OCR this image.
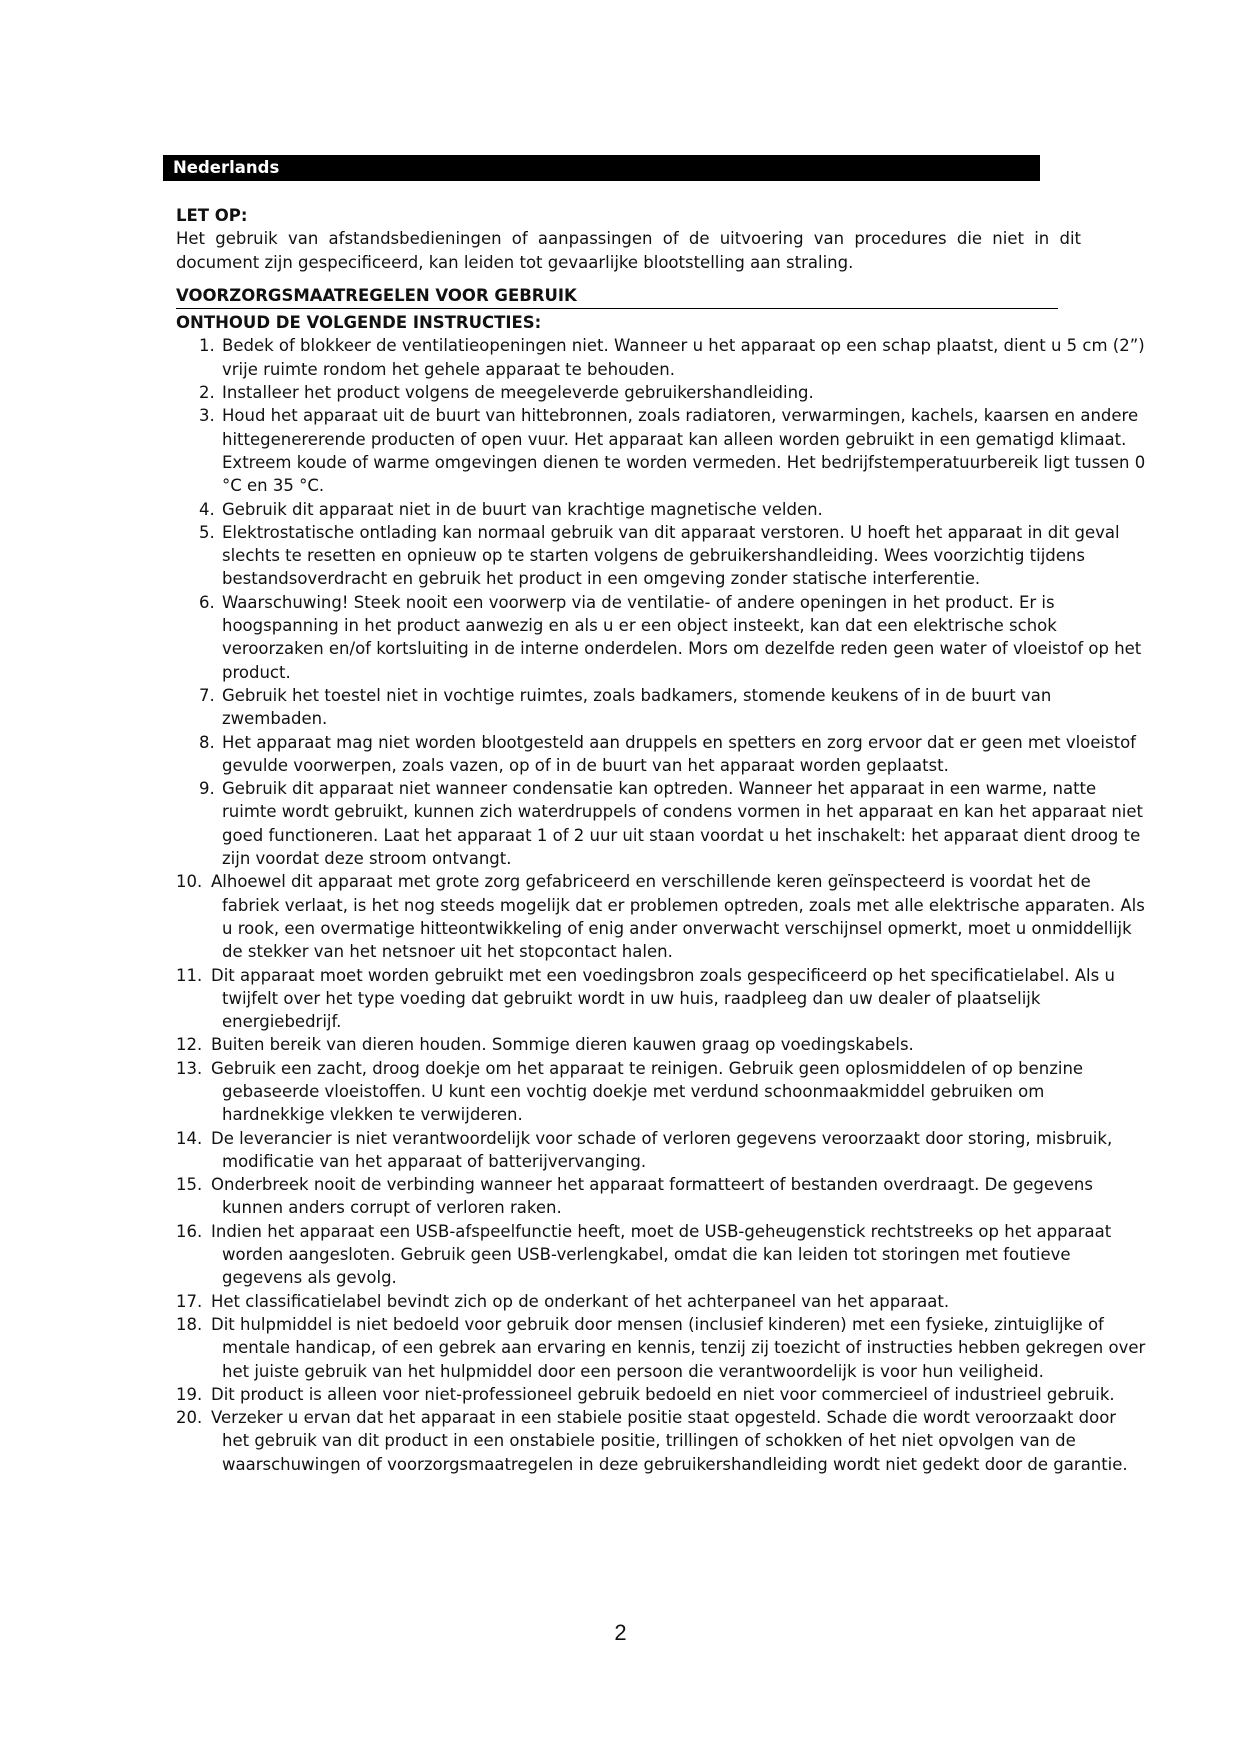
Nederlands
LET OP:

Het gebruik van afstandsbedieningen of aanpassingen of de uitvoering van procedures die niet in dit document zijn gespecificeerd, kan leiden tot gevaarlijke blootstelling aan straling.

VOORZORGSMAATREGELEN VOOR GEBRUIK
ONTHOUD DE VOLGENDE INSTRUCTIES:
1. Bedek of blokkeer de ventilatieopeningen niet. Wanneer u het apparaat op een schap plaatst, dient u 5 cm (2”) vrije ruimte rondom het gehele apparaat te behouden.
2. Installeer het product volgens de meegeleverde gebruikershandleiding.
3. Houd het apparaat uit de buurt van hittebronnen, zoals radiatoren, verwarmingen, kachels, kaarsen en andere hittegenererende producten of open vuur. Het apparaat kan alleen worden gebruikt in een gematigd klimaat. Extreem koude of warme omgevingen dienen te worden vermeden. Het bedrijfstemperatuurbereik ligt tussen 0 °C en 35 °C.
4. Gebruik dit apparaat niet in de buurt van krachtige magnetische velden.
5. Elektrostatische ontlading kan normaal gebruik van dit apparaat verstoren. U hoeft het apparaat in dit geval slechts te resetten en opnieuw op te starten volgens de gebruikershandleiding. Wees voorzichtig tijdens bestandsoverdracht en gebruik het product in een omgeving zonder statische interferentie.
6. Waarschuwing! Steek nooit een voorwerp via de ventilatie- of andere openingen in het product. Er is hoogspanning in het product aanwezig en als u er een object insteekt, kan dat een elektrische schok veroorzaken en/of kortsluiting in de interne onderdelen. Mors om dezelfde reden geen water of vloeistof op het product.
7. Gebruik het toestel niet in vochtige ruimtes, zoals badkamers, stomende keukens of in de buurt van zwembaden.
8. Het apparaat mag niet worden blootgesteld aan druppels en spetters en zorg ervoor dat er geen met vloeistof gevulde voorwerpen, zoals vazen, op of in de buurt van het apparaat worden geplaatst.
9. Gebruik dit apparaat niet wanneer condensatie kan optreden. Wanneer het apparaat in een warme, natte ruimte wordt gebruikt, kunnen zich waterdruppels of condens vormen in het apparaat en kan het apparaat niet goed functioneren. Laat het apparaat 1 of 2 uur uit staan voordat u het inschakelt: het apparaat dient droog te zijn voordat deze stroom ontvangt.
10. Alhoewel dit apparaat met grote zorg gefabriceerd en verschillende keren geïnspecteerd is voordat het de fabriek verlaat, is het nog steeds mogelijk dat er problemen optreden, zoals met alle elektrische apparaten. Als u rook, een overmatige hitteontwikkeling of enig ander onverwacht verschijnsel opmerkt, moet u onmiddellijk de stekker van het netsnoer uit het stopcontact halen.
11. Dit apparaat moet worden gebruikt met een voedingsbron zoals gespecificeerd op het specificatielabel. Als u twijfelt over het type voeding dat gebruikt wordt in uw huis, raadpleeg dan uw dealer of plaatselijk energiebedrijf.
12. Buiten bereik van dieren houden. Sommige dieren kauwen graag op voedingskabels.
13. Gebruik een zacht, droog doekje om het apparaat te reinigen. Gebruik geen oplosmiddelen of op benzine gebaseerde vloeistoffen. U kunt een vochtig doekje met verdund schoonmaakmiddel gebruiken om hardnekkige vlekken te verwijderen.
14. De leverancier is niet verantwoordelijk voor schade of verloren gegevens veroorzaakt door storing, misbruik, modificatie van het apparaat of batterijvervanging.
15. Onderbreek nooit de verbinding wanneer het apparaat formatteert of bestanden overdraagt. De gegevens kunnen anders corrupt of verloren raken.
16. Indien het apparaat een USB-afspeelfunctie heeft, moet de USB-geheugenstick rechtstreeks op het apparaat worden aangesloten. Gebruik geen USB-verlengkabel, omdat die kan leiden tot storingen met foutieve gegevens als gevolg.
17. Het classificatielabel bevindt zich op de onderkant of het achterpaneel van het apparaat.
18. Dit hulpmiddel is niet bedoeld voor gebruik door mensen (inclusief kinderen) met een fysieke, zintuiglijke of mentale handicap, of een gebrek aan ervaring en kennis, tenzij zij toezicht of instructies hebben gekregen over het juiste gebruik van het hulpmiddel door een persoon die verantwoordelijk is voor hun veiligheid.
19. Dit product is alleen voor niet-professioneel gebruik bedoeld en niet voor commercieel of industrieel gebruik.
20. Verzeker u ervan dat het apparaat in een stabiele positie staat opgesteld. Schade die wordt veroorzaakt door het gebruik van dit product in een onstabiele positie, trillingen of schokken of het niet opvolgen van de waarschuwingen of voorzorgsmaatregelen in deze gebruikershandleiding wordt niet gedekt door de garantie.
2
